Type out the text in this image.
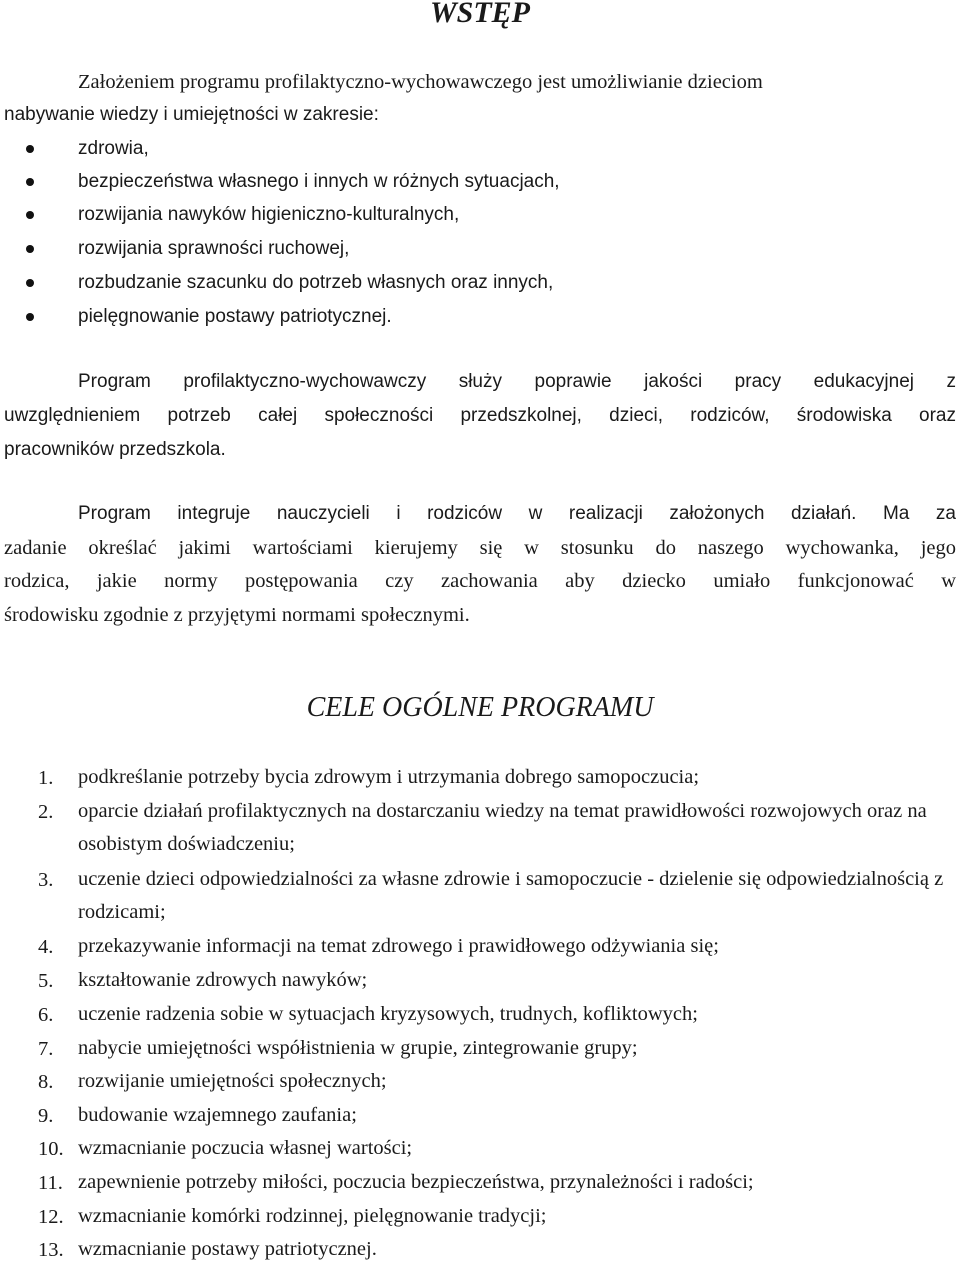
WSTĘP
Założeniem programu profilaktyczno-wychowawczego jest umożliwianie dzieciom
nabywanie wiedzy i umiejętności w zakresie:
zdrowia,
bezpieczeństwa własnego i innych w różnych sytuacjach,
rozwijania nawyków higieniczno-kulturalnych,
rozwijania sprawności ruchowej,
rozbudzanie szacunku do potrzeb własnych oraz innych,
pielęgnowanie postawy patriotycznej.
Program profilaktyczno-wychowawczy służy poprawie jakości pracy edukacyjnej z
uwzględnieniem potrzeb całej społeczności przedszkolnej, dzieci, rodziców, środowiska oraz
pracowników przedszkola.
Program integruje nauczycieli i rodziców w realizacji założonych działań. Ma za
zadanie określać jakimi wartościami kierujemy się w stosunku do naszego wychowanka, jego
rodzica, jakie normy postępowania czy zachowania aby dziecko umiało funkcjonować w
środowisku zgodnie z przyjętymi normami społecznymi.
CELE OGÓLNE PROGRAMU
1.	podkreślanie potrzeby bycia zdrowym i utrzymania dobrego samopoczucia;
2.	oparcie działań profilaktycznych na dostarczaniu wiedzy na temat prawidłowości rozwojowych oraz na osobistym doświadczeniu;
3.	uczenie dzieci odpowiedzialności za własne zdrowie i samopoczucie - dzielenie się odpowiedzialnością z rodzicami;
4.	przekazywanie informacji na temat zdrowego i prawidłowego odżywiania się;
5.	kształtowanie zdrowych nawyków;
6.	uczenie radzenia sobie w sytuacjach kryzysowych, trudnych, kofliktowych;
7.	nabycie umiejętności współistnienia w grupie, zintegrowanie grupy;
8.	rozwijanie umiejętności społecznych;
9.	budowanie wzajemnego zaufania;
10. wzmacnianie poczucia własnej wartości;
11. zapewnienie potrzeby miłości, poczucia bezpieczeństwa, przynależności i radości;
12. wzmacnianie komórki rodzinnej, pielęgnowanie tradycji;
13. wzmacnianie postawy patriotycznej.
